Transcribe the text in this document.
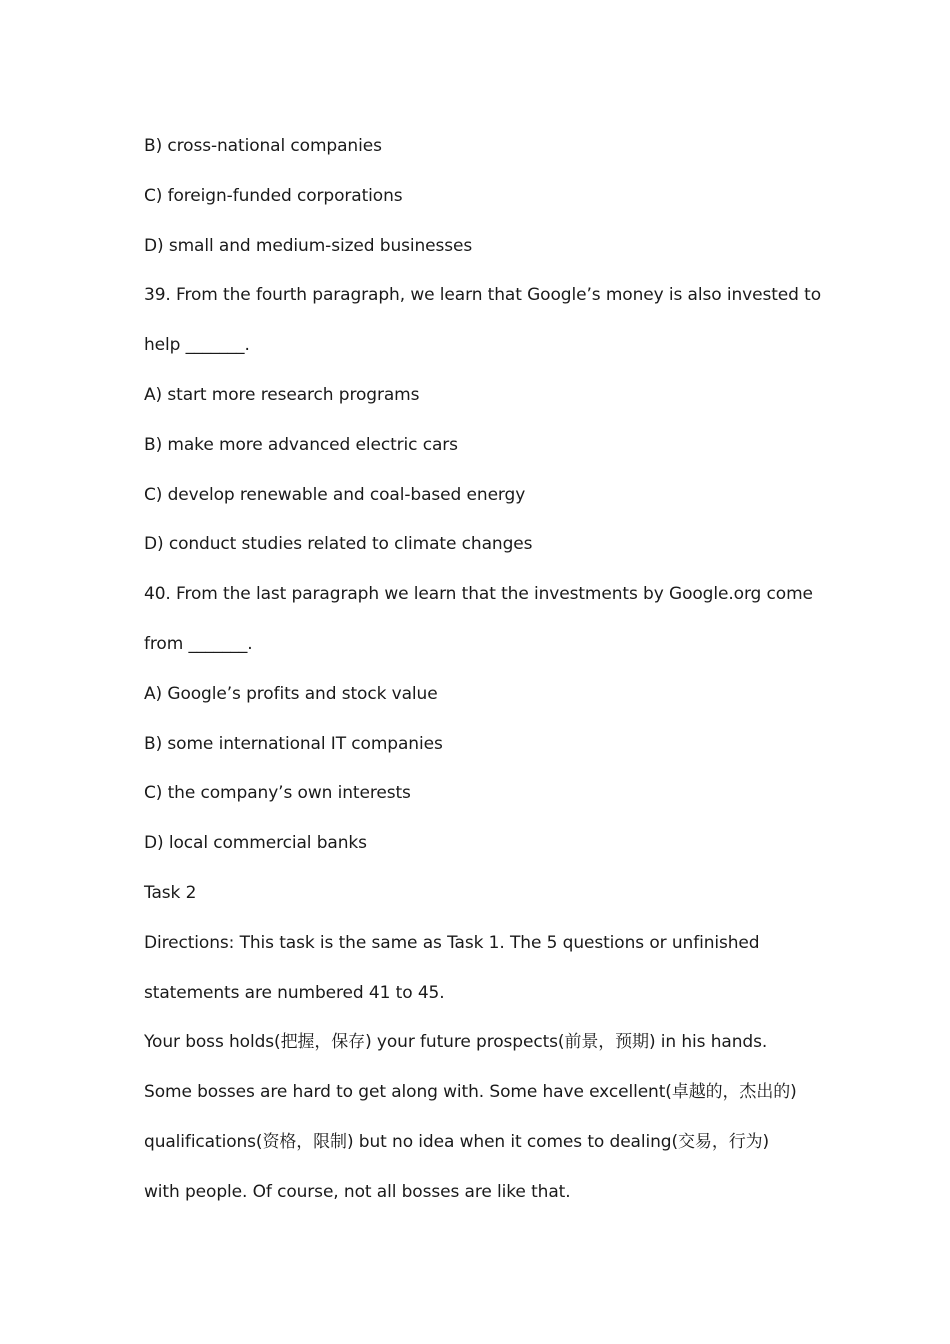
B) cross-national companies
C) foreign-funded corporations
D) small and medium-sized businesses
39. From the fourth paragraph, we learn that Google’s money is also invested to
help _______.
A) start more research programs
B) make more advanced electric cars
C) develop renewable and coal-based energy
D) conduct studies related to climate changes
40. From the last paragraph we learn that the investments by Google.org come
from _______.
A) Google’s profits and stock value
B) some international IT companies
C) the company’s own interests
D) local commercial banks
Task 2
Directions: This task is the same as Task 1. The 5 questions or unfinished
statements are numbered 41 to 45.
Your boss holds(把握，保存) your future prospects(前景，预期) in his hands.
Some bosses are hard to get along with. Some have excellent(卓越的，杰出的)
qualifications(资格，限制) but no idea when it comes to dealing(交易，行为)
with people. Of course, not all bosses are like that.
